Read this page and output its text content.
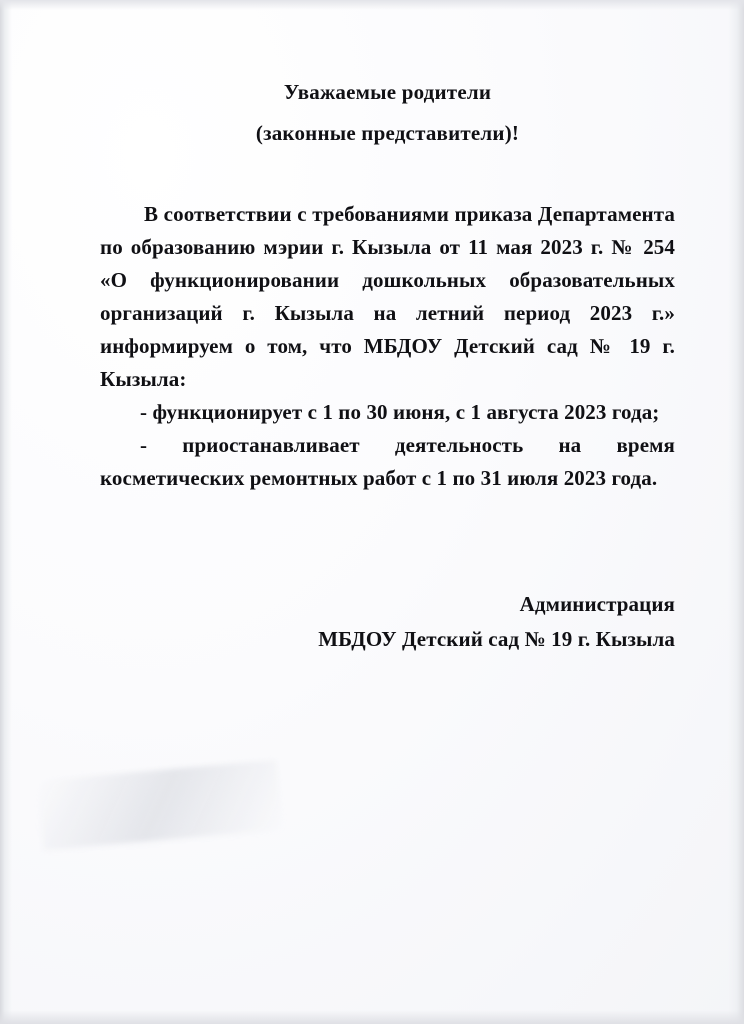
Уважаемые родители
(законные представители)!

В соответствии с требованиями приказа Департамента по образованию мэрии г. Кызыла от 11 мая 2023 г. № 254 «О функционировании дошкольных образовательных организаций г. Кызыла на летний период 2023 г.» информируем о том, что МБДОУ Детский сад № 19 г. Кызыла:

- функционирует с 1 по 30 июня, с 1 августа 2023 года;

- приостанавливает деятельность на время косметических ремонтных работ с 1 по 31 июля 2023 года.

Администрация
МБДОУ Детский сад № 19 г. Кызыла
